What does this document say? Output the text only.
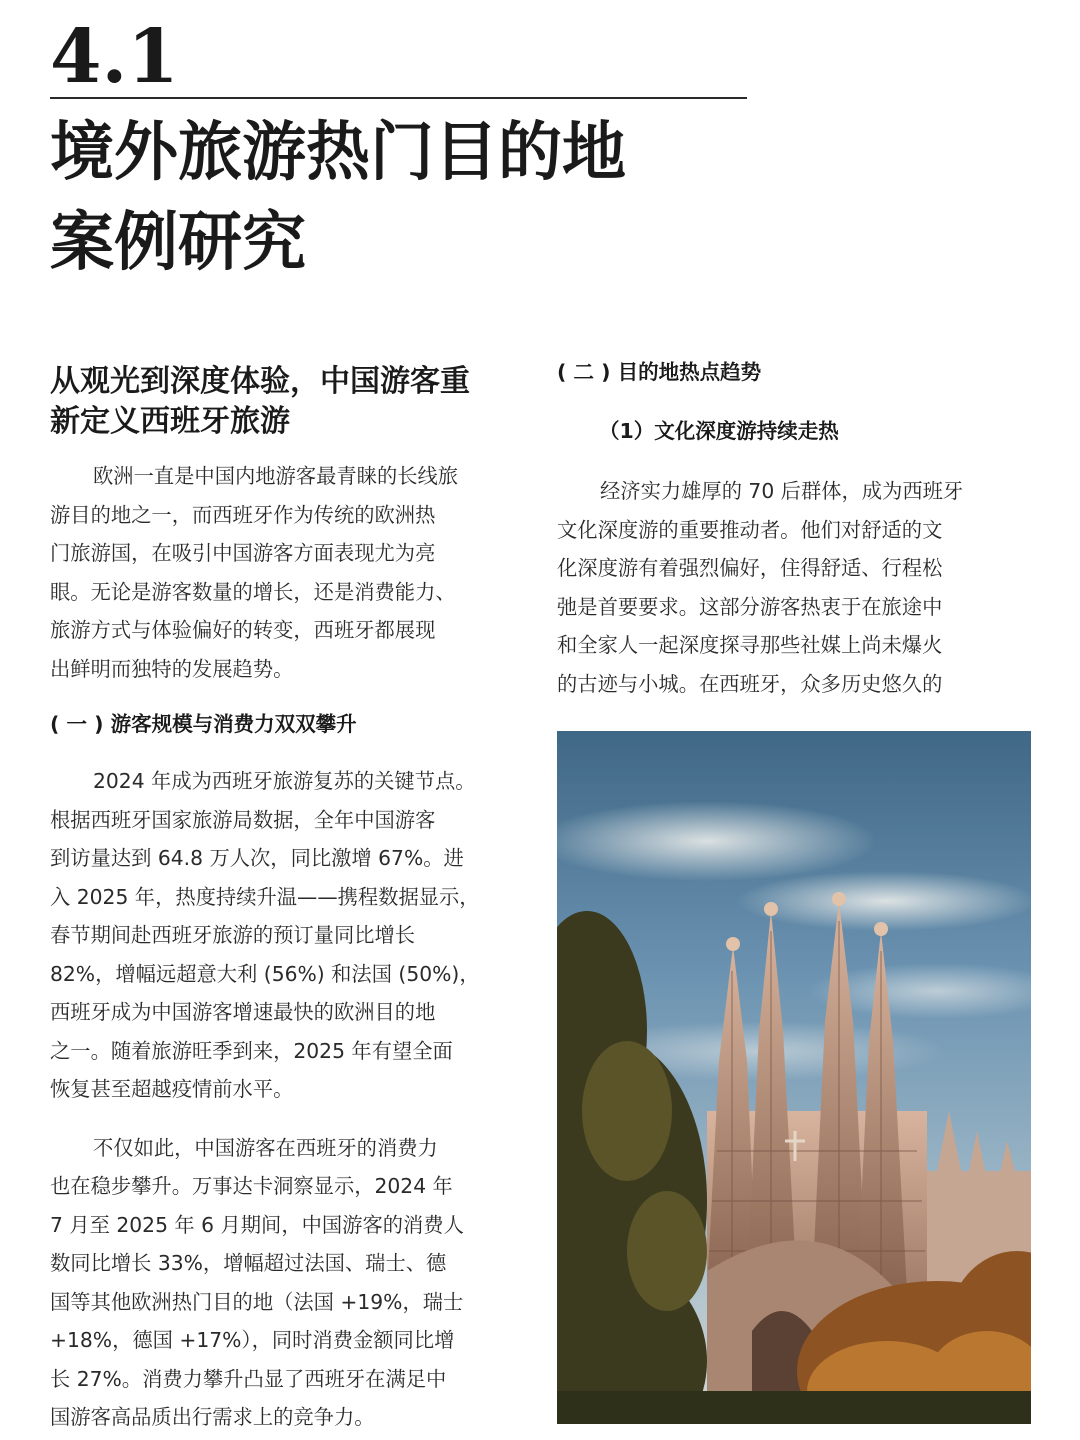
4.1
境外旅游热门目的地
案例研究
从观光到深度体验，中国游客重
新定义西班牙旅游

欧洲一直是中国内地游客最青睐的长线旅
游目的地之一，而西班牙作为传统的欧洲热
门旅游国，在吸引中国游客方面表现尤为亮
眼。无论是游客数量的增长，还是消费能力、
旅游方式与体验偏好的转变，西班牙都展现
出鲜明而独特的发展趋势。

( 一 ) 游客规模与消费力双双攀升

2024 年成为西班牙旅游复苏的关键节点。
根据西班牙国家旅游局数据，全年中国游客
到访量达到 64.8 万人次，同比激增 67%。进
入 2025 年，热度持续升温——携程数据显示，
春节期间赴西班牙旅游的预订量同比增长
82%，增幅远超意大利 (56%) 和法国 (50%)，
西班牙成为中国游客增速最快的欧洲目的地
之一。随着旅游旺季到来，2025 年有望全面
恢复甚至超越疫情前水平。

不仅如此，中国游客在西班牙的消费力
也在稳步攀升。万事达卡洞察显示，2024 年
7 月至 2025 年 6 月期间，中国游客的消费人
数同比增长 33%，增幅超过法国、瑞士、德
国等其他欧洲热门目的地（法国 +19%，瑞士
+18%，德国 +17%），同时消费金额同比增
长 27%。消费力攀升凸显了西班牙在满足中
国游客高品质出行需求上的竞争力。

( 二 ) 目的地热点趋势
（1）文化深度游持续走热

经济实力雄厚的 70 后群体，成为西班牙
文化深度游的重要推动者。他们对舒适的文
化深度游有着强烈偏好，住得舒适、行程松
弛是首要要求。这部分游客热衷于在旅途中
和全家人一起深度探寻那些社媒上尚未爆火
的古迹与小城。在西班牙，众多历史悠久的
